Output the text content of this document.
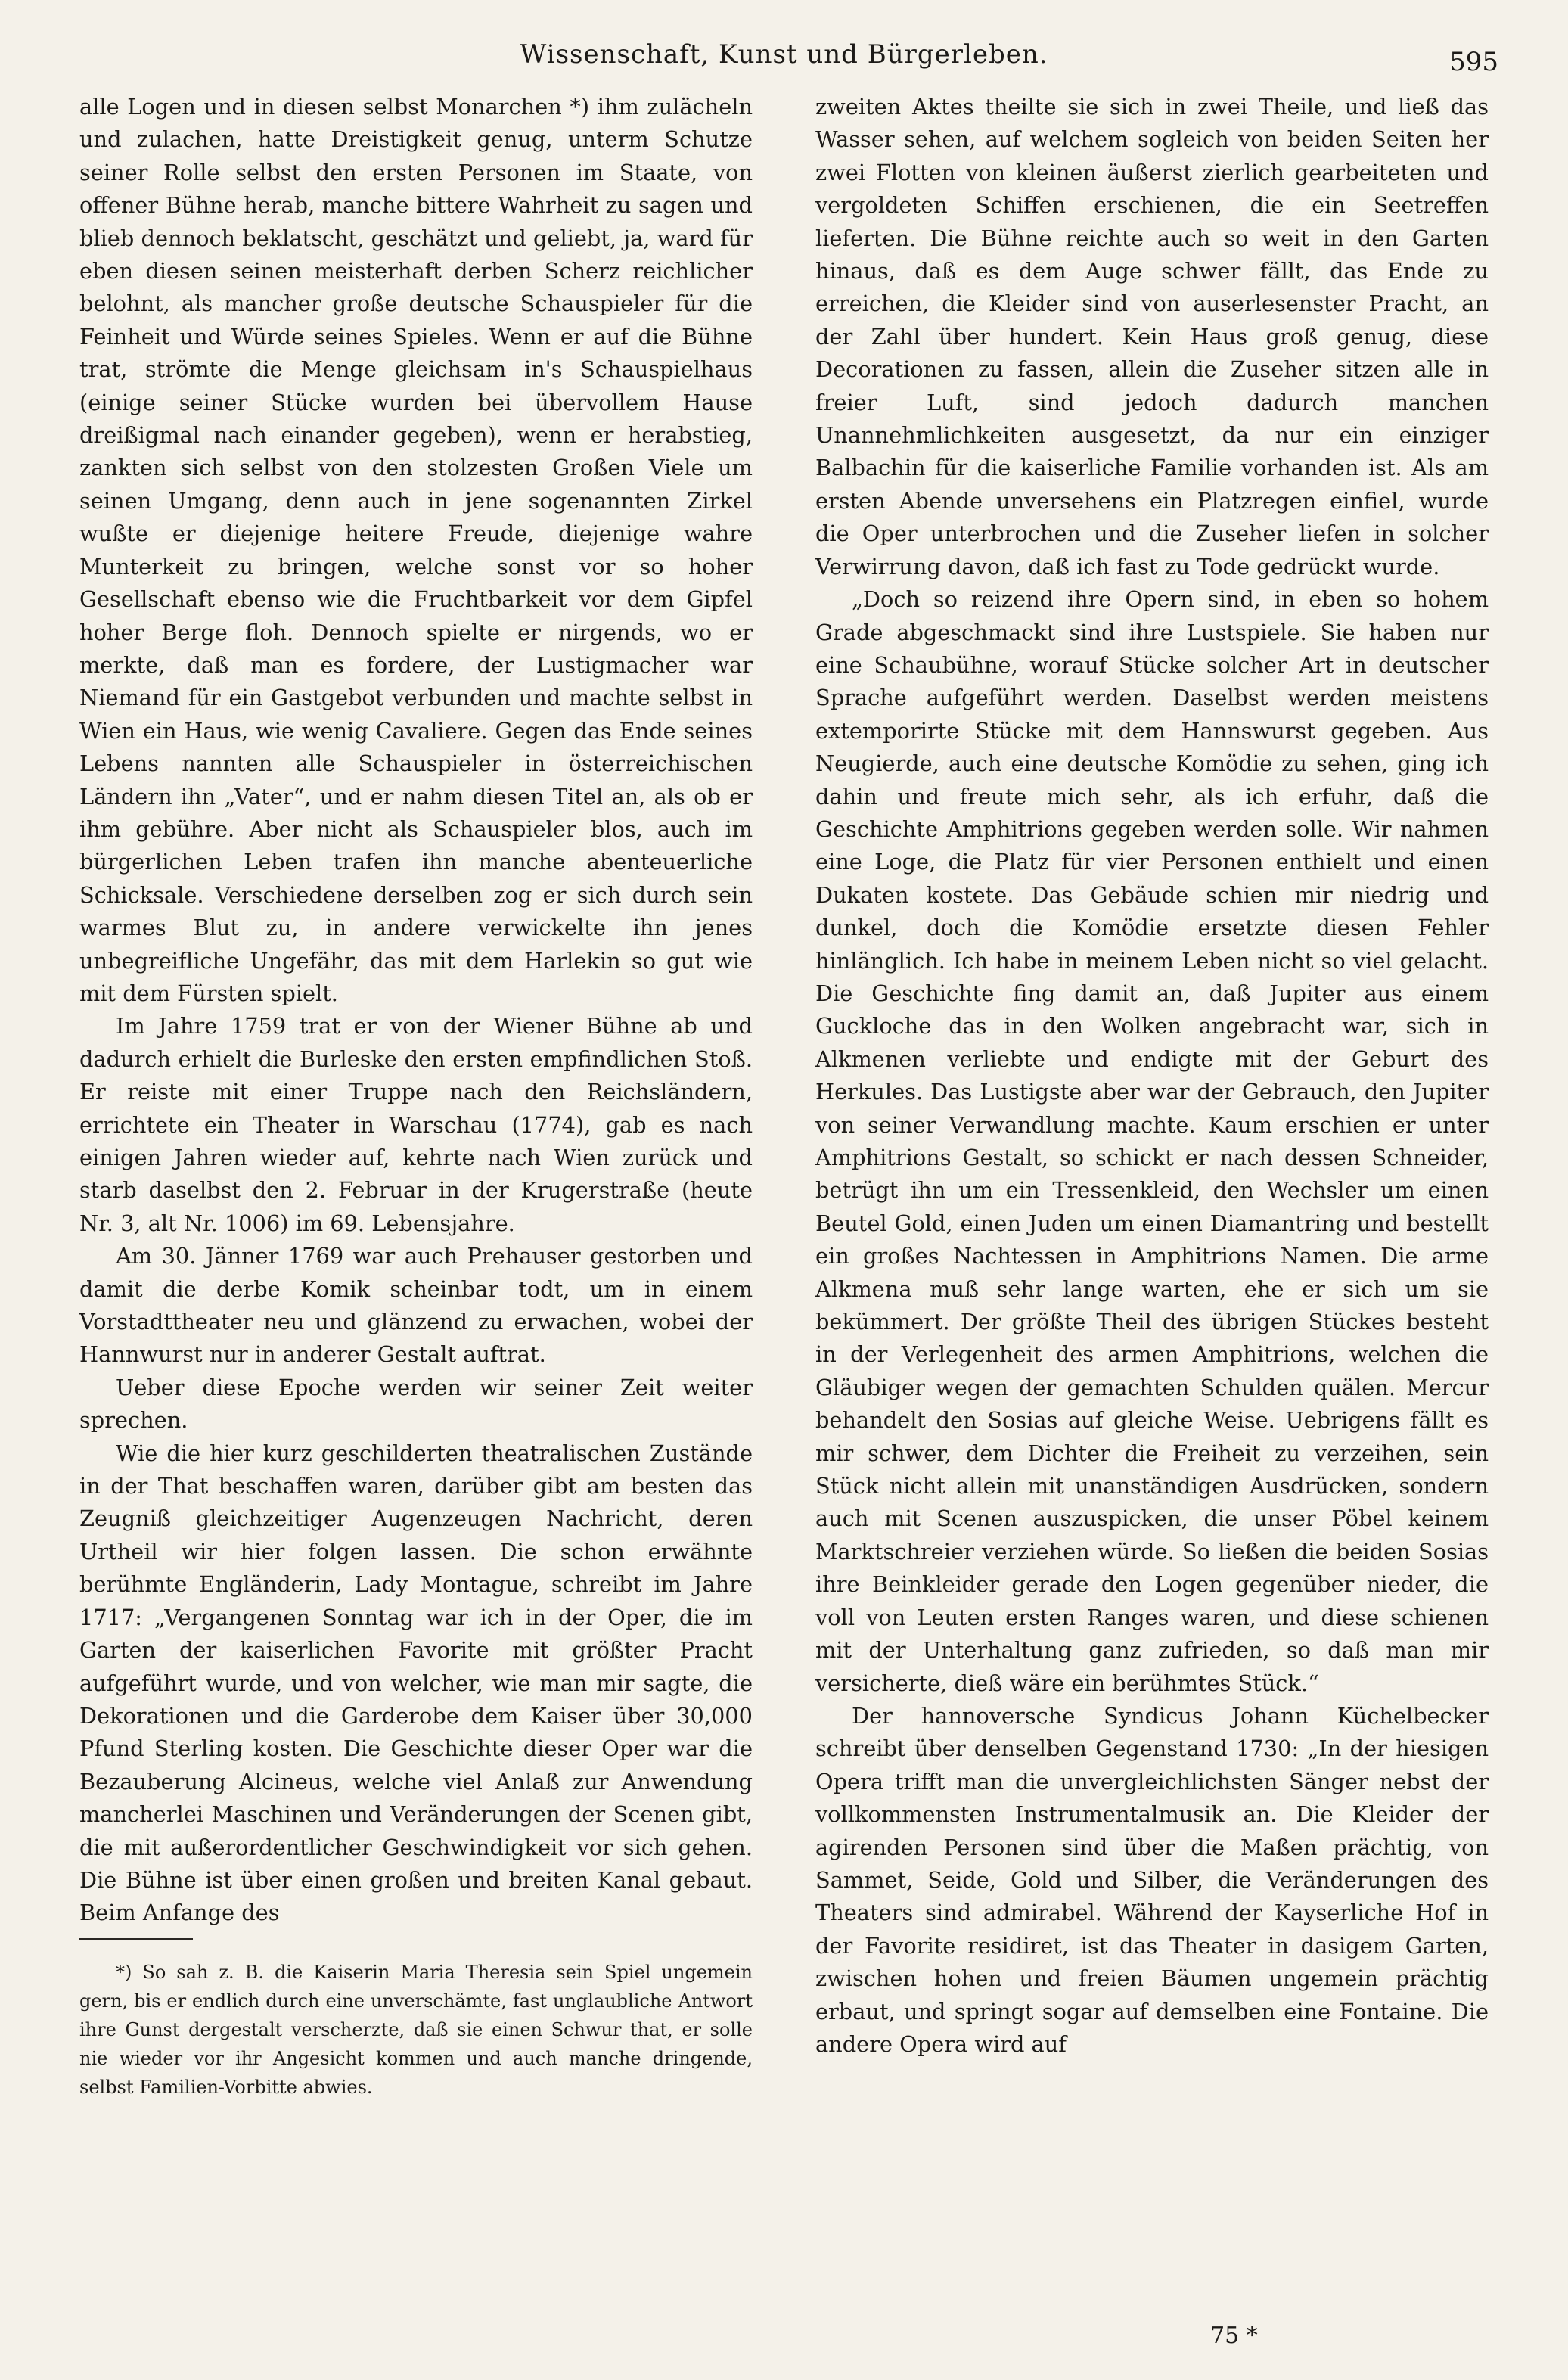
Wissenschaft, Kunst und Bürgerleben.	595

alle Logen und in diesen selbst Monarchen *) ihm zulächeln und zulachen, hatte Dreistigkeit genug, unterm Schutze seiner Rolle selbst den ersten Personen im Staate, von offener Bühne herab, manche bittere Wahrheit zu sagen und blieb dennoch beklatscht, geschätzt und geliebt, ja, ward für eben diesen seinen meisterhaft derben Scherz reichlicher belohnt, als mancher große deutsche Schauspieler für die Feinheit und Würde seines Spieles. Wenn er auf die Bühne trat, strömte die Menge gleichsam in's Schauspielhaus (einige seiner Stücke wurden bei übervollem Hause dreißigmal nach einander gegeben), wenn er herabstieg, zankten sich selbst von den stolzesten Großen Viele um seinen Umgang, denn auch in jene sogenannten Zirkel wußte er diejenige heitere Freude, diejenige wahre Munterkeit zu bringen, welche sonst vor so hoher Gesellschaft ebenso wie die Fruchtbarkeit vor dem Gipfel hoher Berge floh. Dennoch spielte er nirgends, wo er merkte, daß man es fordere, der Lustigmacher war Niemand für ein Gastgebot verbunden und machte selbst in Wien ein Haus, wie wenig Cavaliere. Gegen das Ende seines Lebens nannten alle Schauspieler in österreichischen Ländern ihn „Vater“, und er nahm diesen Titel an, als ob er ihm gebühre. Aber nicht als Schauspieler blos, auch im bürgerlichen Leben trafen ihn manche abenteuerliche Schicksale. Verschiedene derselben zog er sich durch sein warmes Blut zu, in andere verwickelte ihn jenes unbegreifliche Ungefähr, das mit dem Harlekin so gut wie mit dem Fürsten spielt.

Im Jahre 1759 trat er von der Wiener Bühne ab und dadurch erhielt die Burleske den ersten empfindlichen Stoß. Er reiste mit einer Truppe nach den Reichsländern, errichtete ein Theater in Warschau (1774), gab es nach einigen Jahren wieder auf, kehrte nach Wien zurück und starb daselbst den 2. Februar in der Krugerstraße (heute Nr. 3, alt Nr. 1006) im 69. Lebensjahre.

Am 30. Jänner 1769 war auch Prehauser gestorben und damit die derbe Komik scheinbar todt, um in einem Vorstadttheater neu und glänzend zu erwachen, wobei der Hannwurst nur in anderer Gestalt auftrat.

Ueber diese Epoche werden wir seiner Zeit weiter sprechen.

Wie die hier kurz geschilderten theatralischen Zustände in der That beschaffen waren, darüber gibt am besten das Zeugniß gleichzeitiger Augenzeugen Nachricht, deren Urtheil wir hier folgen lassen. Die schon erwähnte berühmte Engländerin, Lady Montague, schreibt im Jahre 1717: „Vergangenen Sonntag war ich in der Oper, die im Garten der kaiserlichen Favorite mit größter Pracht aufgeführt wurde, und von welcher, wie man mir sagte, die Dekorationen und die Garderobe dem Kaiser über 30,000 Pfund Sterling kosten. Die Geschichte dieser Oper war die Bezauberung Alcineus, welche viel Anlaß zur Anwendung mancherlei Maschinen und Veränderungen der Scenen gibt, die mit außerordentlicher Geschwindigkeit vor sich gehen. Die Bühne ist über einen großen und breiten Kanal gebaut. Beim Anfange des

*) So sah z. B. die Kaiserin Maria Theresia sein Spiel ungemein gern, bis er endlich durch eine unverschämte, fast unglaubliche Antwort ihre Gunst dergestalt verscherzte, daß sie einen Schwur that, er solle nie wieder vor ihr Angesicht kommen und auch manche dringende, selbst Familien-Vorbitte abwies.

zweiten Aktes theilte sie sich in zwei Theile, und ließ das Wasser sehen, auf welchem sogleich von beiden Seiten her zwei Flotten von kleinen äußerst zierlich gearbeiteten und vergoldeten Schiffen erschienen, die ein Seetreffen lieferten. Die Bühne reichte auch so weit in den Garten hinaus, daß es dem Auge schwer fällt, das Ende zu erreichen, die Kleider sind von auserlesenster Pracht, an der Zahl über hundert. Kein Haus groß genug, diese Decorationen zu fassen, allein die Zuseher sitzen alle in freier Luft, sind jedoch dadurch manchen Unannehmlichkeiten ausgesetzt, da nur ein einziger Balbachin für die kaiserliche Familie vorhanden ist. Als am ersten Abende unversehens ein Platzregen einfiel, wurde die Oper unterbrochen und die Zuseher liefen in solcher Verwirrung davon, daß ich fast zu Tode gedrückt wurde.

„Doch so reizend ihre Opern sind, in eben so hohem Grade abgeschmackt sind ihre Lustspiele. Sie haben nur eine Schaubühne, worauf Stücke solcher Art in deutscher Sprache aufgeführt werden. Daselbst werden meistens extemporirte Stücke mit dem Hannswurst gegeben. Aus Neugierde, auch eine deutsche Komödie zu sehen, ging ich dahin und freute mich sehr, als ich erfuhr, daß die Geschichte Amphitrions gegeben werden solle. Wir nahmen eine Loge, die Platz für vier Personen enthielt und einen Dukaten kostete. Das Gebäude schien mir niedrig und dunkel, doch die Komödie ersetzte diesen Fehler hinlänglich. Ich habe in meinem Leben nicht so viel gelacht. Die Geschichte fing damit an, daß Jupiter aus einem Guckloche das in den Wolken angebracht war, sich in Alkmenen verliebte und endigte mit der Geburt des Herkules. Das Lustigste aber war der Gebrauch, den Jupiter von seiner Verwandlung machte. Kaum erschien er unter Amphitrions Gestalt, so schickt er nach dessen Schneider, betrügt ihn um ein Tressenkleid, den Wechsler um einen Beutel Gold, einen Juden um einen Diamantring und bestellt ein großes Nachtessen in Amphitrions Namen. Die arme Alkmena muß sehr lange warten, ehe er sich um sie bekümmert. Der größte Theil des übrigen Stückes besteht in der Verlegenheit des armen Amphitrions, welchen die Gläubiger wegen der gemachten Schulden quälen. Mercur behandelt den Sosias auf gleiche Weise. Uebrigens fällt es mir schwer, dem Dichter die Freiheit zu verzeihen, sein Stück nicht allein mit unanständigen Ausdrücken, sondern auch mit Scenen auszuspicken, die unser Pöbel keinem Marktschreier verziehen würde. So ließen die beiden Sosias ihre Beinkleider gerade den Logen gegenüber nieder, die voll von Leuten ersten Ranges waren, und diese schienen mit der Unterhaltung ganz zufrieden, so daß man mir versicherte, dieß wäre ein berühmtes Stück.“

Der hannoversche Syndicus Johann Küchelbecker schreibt über denselben Gegenstand 1730: „In der hiesigen Opera trifft man die unvergleichlichsten Sänger nebst der vollkommensten Instrumentalmusik an. Die Kleider der agirenden Personen sind über die Maßen prächtig, von Sammet, Seide, Gold und Silber, die Veränderungen des Theaters sind admirabel. Während der Kayserliche Hof in der Favorite residiret, ist das Theater in dasigem Garten, zwischen hohen und freien Bäumen ungemein prächtig erbaut, und springt sogar auf demselben eine Fontaine. Die andere Opera wird auf

75 *
